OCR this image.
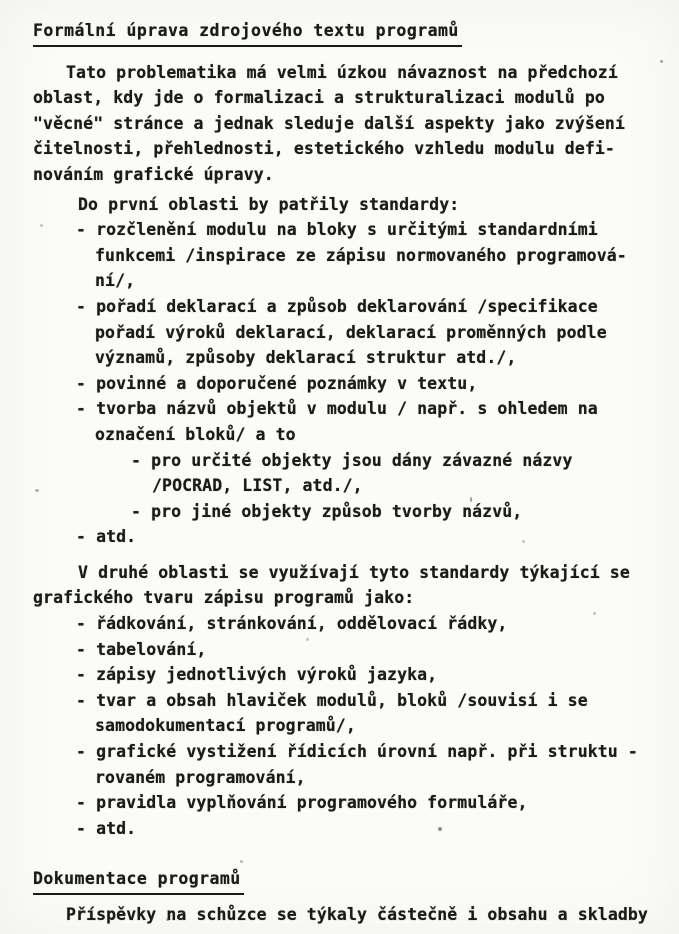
Formální úprava zdrojového textu programů
Tato problematika má velmi úzkou návaznost na předchozí
oblast, kdy jde o formalizaci a strukturalizaci modulů po
"věcné" stránce a jednak sleduje další aspekty jako zvýšení
čitelnosti, přehlednosti, estetického vzhledu modulu defi-
nováním grafické úpravy.
Do první oblasti by patřily standardy:
- rozčlenění modulu na bloky s určitými standardními
funkcemi /inspirace ze zápisu normovaného programová-
ní/,
- pořadí deklarací a způsob deklarování /specifikace
pořadí výroků deklarací, deklarací proměnných podle
významů, způsoby deklarací struktur atd./,
- povinné a doporučené poznámky v textu,
- tvorba názvů objektů v modulu / např. s ohledem na
označení bloků/ a to
- pro určité objekty jsou dány závazné názvy
/POCRAD, LIST, atd./,
- pro jiné objekty způsob tvorby názvů,
- atd.
V druhé oblasti se využívají tyto standardy týkající se
grafického tvaru zápisu programů jako:
- řádkování, stránkování, oddělovací řádky,
- tabelování,
- zápisy jednotlivých výroků jazyka,
- tvar a obsah hlaviček modulů, bloků /souvisí i se
samodokumentací programů/,
- grafické vystižení řídicích úrovní např. při struktu -
rovaném programování,
- pravidla vyplňování programového formuláře,
- atd.
Dokumentace programů
Příspěvky na schůzce se týkaly částečně i obsahu a skladby
